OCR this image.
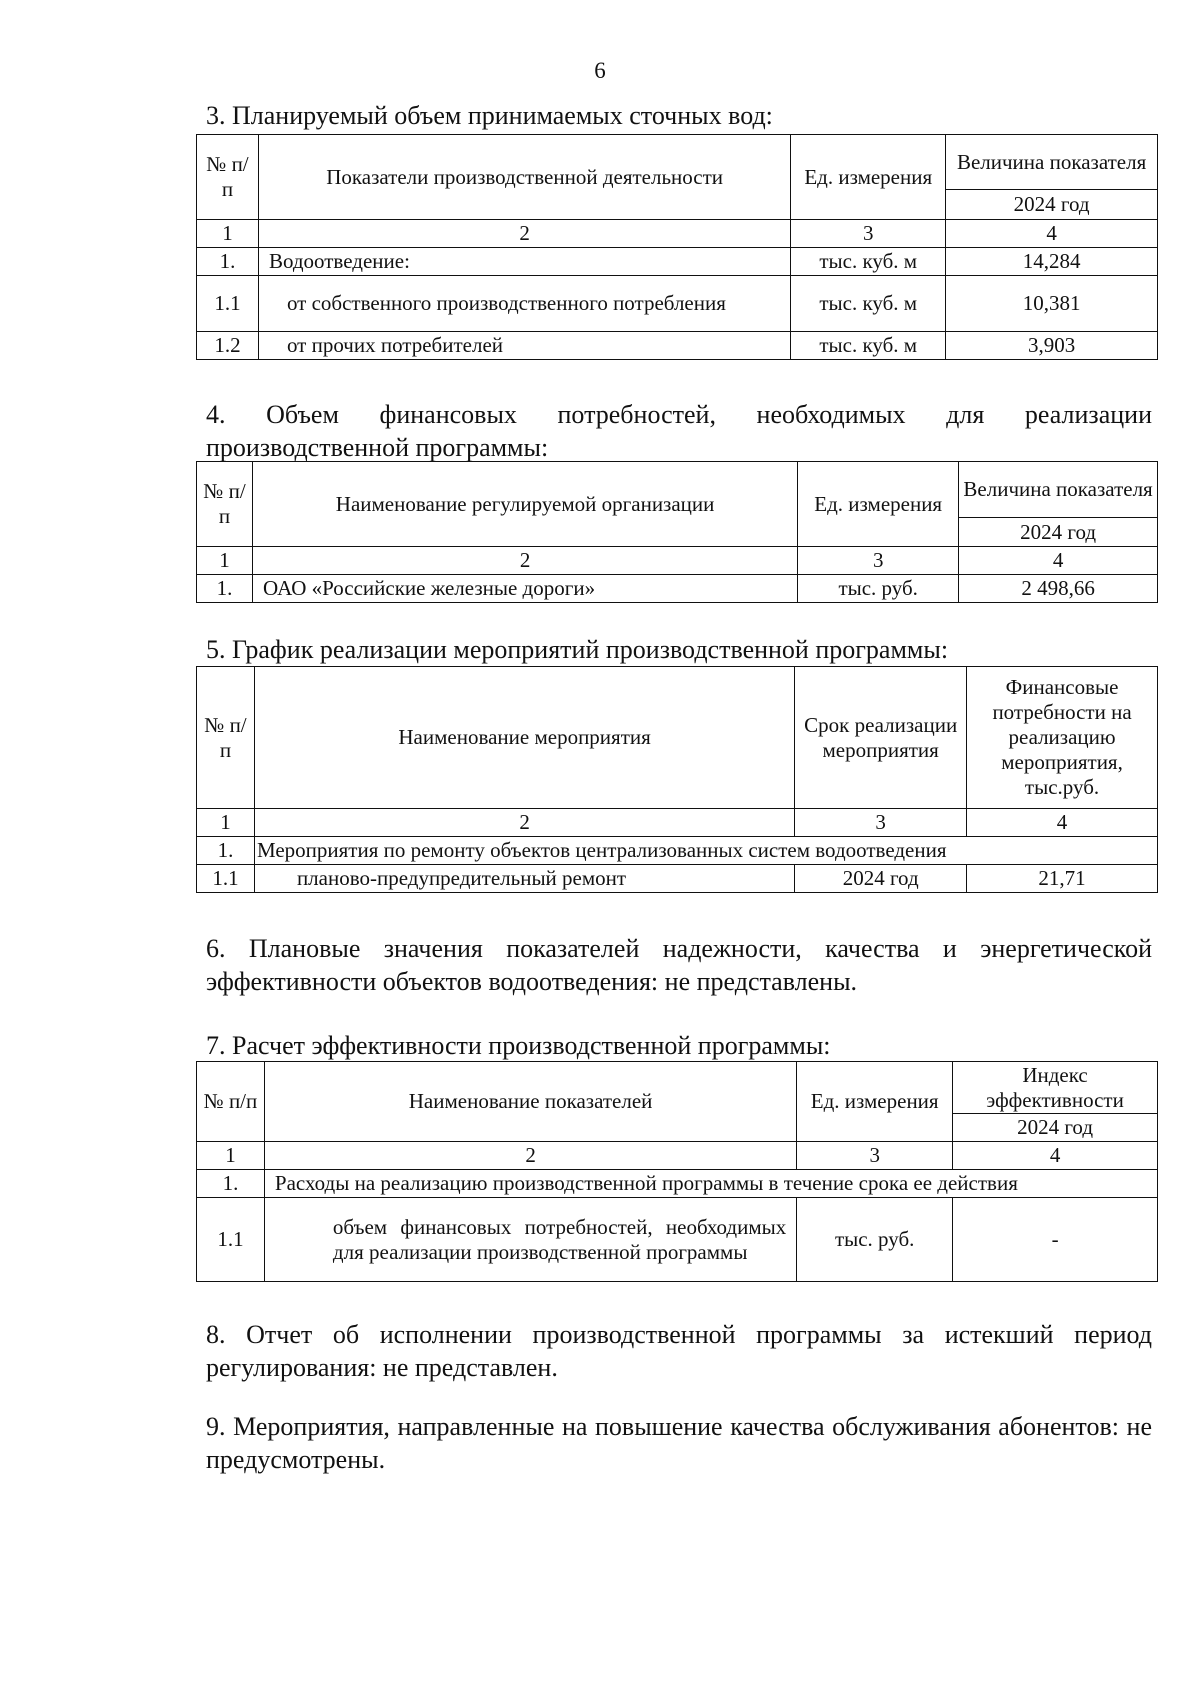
6
3. Планируемый объем принимаемых сточных вод:
№ п/п	Показатели производственной деятельности	Ед. измерения	Величина показателя
			2024 год
1	2	3	4
1.	Водоотведение:	тыс. куб. м	14,284
1.1	от собственного производственного потребления	тыс. куб. м	10,381
1.2	от прочих потребителей	тыс. куб. м	3,903
4. Объем финансовых потребностей, необходимых для реализации производственной программы:
№ п/п	Наименование регулируемой организации	Ед. измерения	Величина показателя
			2024 год
1	2	3	4
1.	ОАО «Российские железные дороги»	тыс. руб.	2 498,66
5. График реализации мероприятий производственной программы:
№ п/п	Наименование мероприятия	Срок реализации мероприятия	Финансовые потребности на реализацию мероприятия, тыс.руб.
1	2	3	4
1.	Мероприятия по ремонту объектов централизованных систем водоотведения		
1.1	планово-предупредительный ремонт	2024 год	21,71
6. Плановые значения показателей надежности, качества и энергетической эффективности объектов водоотведения: не представлены.
7. Расчет эффективности производственной программы:
№ п/п	Наименование показателей	Ед. измерения	Индекс эффективности
			2024 год
1	2	3	4
1.	Расходы на реализацию производственной программы в течение срока ее действия		
1.1	объем финансовых потребностей, необходимых для реализации производственной программы	тыс. руб.	-
8. Отчет об исполнении производственной программы за истекший период регулирования: не представлен.
9. Мероприятия, направленные на повышение качества обслуживания абонентов: не предусмотрены.
